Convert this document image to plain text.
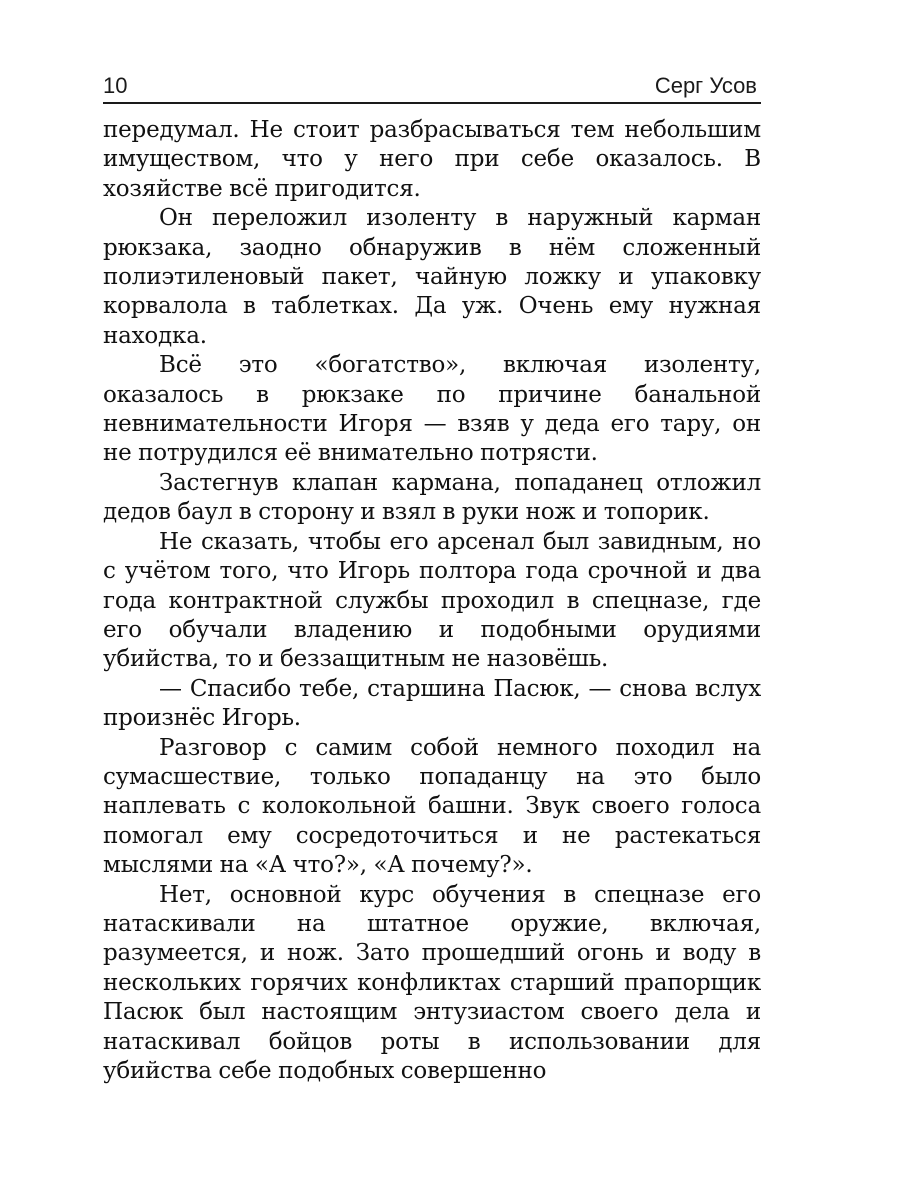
10	Серг Усов

передумал. Не стоит разбрасываться тем небольшим имуществом, что у него при себе оказалось. В хозяйстве всё пригодится.

Он переложил изоленту в наружный карман рюкзака, заодно обнаружив в нём сложенный полиэтиленовый пакет, чайную ложку и упаковку корвалола в таблетках. Да уж. Очень ему нужная находка.

Всё это «богатство», включая изоленту, оказалось в рюкзаке по причине банальной невнимательности Игоря — взяв у деда его тару, он не потрудился её внимательно потрясти.

Застегнув клапан кармана, попаданец отложил дедов баул в сторону и взял в руки нож и топорик.

Не сказать, чтобы его арсенал был завидным, но с учётом того, что Игорь полтора года срочной и два года контрактной службы проходил в спецназе, где его обучали владению и подобными орудиями убийства, то и беззащитным не назовёшь.

— Спасибо тебе, старшина Пасюк, — снова вслух произнёс Игорь.

Разговор с самим собой немного походил на сумасшествие, только попаданцу на это было наплевать с колокольной башни. Звук своего голоса помогал ему сосредоточиться и не растекаться мыслями на «А что?», «А почему?».

Нет, основной курс обучения в спецназе его натаскивали на штатное оружие, включая, разумеется, и нож. Зато прошедший огонь и воду в нескольких горячих конфликтах старший прапорщик Пасюк был настоящим энтузиастом своего дела и натаскивал бойцов роты в использовании для убийства себе подобных совершенно
